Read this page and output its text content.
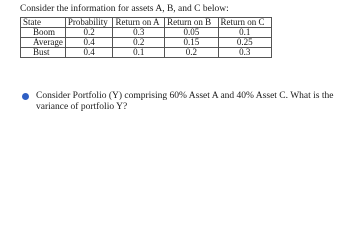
Consider the information for assets A, B, and C below:
State	Probability	Return on A	Return on B	Return on C
Boom	0.2	0.3	0.05	0.1
Average	0.4	0.2	0.15	0.25
Bust	0.4	0.1	0.2	0.3
Consider Portfolio (Y) comprising 60% Asset A and 40% Asset C. What is the variance of portfolio Y?
